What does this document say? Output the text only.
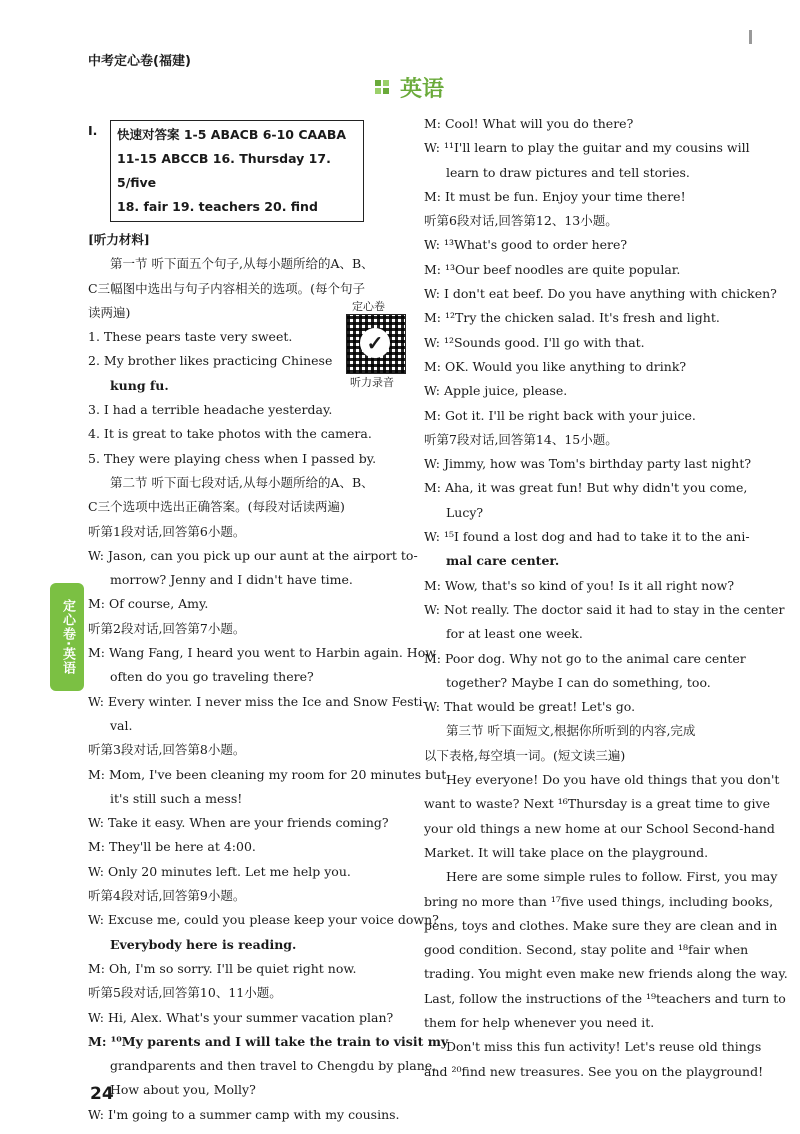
中考定心卷(福建)
英语
定心卷·英语
Ⅰ. 快速对答案 1-5 ABACB 6-10 CAABA
11-15 ABCCB 16. Thursday 17. 5/five
18. fair 19. teachers 20. find
[听力材料]
第一节 听下面五个句子,从每小题所给的A、B、
C三幅图中选出与句子内容相关的选项。(每个句子
读两遍)
1. These pears taste very sweet.
2. My brother likes practicing Chinese
kung fu.
3. I had a terrible headache yesterday.
4. It is great to take photos with the camera.
5. They were playing chess when I passed by.
第二节 听下面七段对话,从每小题所给的A、B、
C三个选项中选出正确答案。(每段对话读两遍)
听第1段对话,回答第6小题。
W: Jason, can you pick up our aunt at the airport to-
morrow? Jenny and I didn't have time.
M: Of course, Amy.
听第2段对话,回答第7小题。
M: Wang Fang, I heard you went to Harbin again. How
often do you go traveling there?
W: Every winter. I never miss the Ice and Snow Festi-
val.
听第3段对话,回答第8小题。
M: Mom, I've been cleaning my room for 20 minutes but
it's still such a mess!
W: Take it easy. When are your friends coming?
M: They'll be here at 4:00.
W: Only 20 minutes left. Let me help you.
听第4段对话,回答第9小题。
W: Excuse me, could you please keep your voice down?
Everybody here is reading.
M: Oh, I'm so sorry. I'll be quiet right now.
听第5段对话,回答第10、11小题。
W: Hi, Alex. What's your summer vacation plan?
M: ¹⁰My parents and I will take the train to visit my
grandparents and then travel to Chengdu by plane.
How about you, Molly?
W: I'm going to a summer camp with my cousins.
定心卷
✓
听力录音
M: Cool! What will you do there?
W: ¹¹I'll learn to play the guitar and my cousins will
learn to draw pictures and tell stories.
M: It must be fun. Enjoy your time there!
听第6段对话,回答第12、13小题。
W: ¹³What's good to order here?
M: ¹³Our beef noodles are quite popular.
W: I don't eat beef. Do you have anything with chicken?
M: ¹²Try the chicken salad. It's fresh and light.
W: ¹²Sounds good. I'll go with that.
M: OK. Would you like anything to drink?
W: Apple juice, please.
M: Got it. I'll be right back with your juice.
听第7段对话,回答第14、15小题。
W: Jimmy, how was Tom's birthday party last night?
M: Aha, it was great fun! But why didn't you come,
Lucy?
W: ¹⁵I found a lost dog and had to take it to the ani-
mal care center.
M: Wow, that's so kind of you! Is it all right now?
W: Not really. The doctor said it had to stay in the center
for at least one week.
M: Poor dog. Why not go to the animal care center
together? Maybe I can do something, too.
W: That would be great! Let's go.
第三节 听下面短文,根据你所听到的内容,完成
以下表格,每空填一词。(短文读三遍)
Hey everyone! Do you have old things that you don't
want to waste? Next ¹⁶Thursday is a great time to give
your old things a new home at our School Second-hand
Market. It will take place on the playground.
Here are some simple rules to follow. First, you may
bring no more than ¹⁷five used things, including books,
pens, toys and clothes. Make sure they are clean and in
good condition. Second, stay polite and ¹⁸fair when
trading. You might even make new friends along the way.
Last, follow the instructions of the ¹⁹teachers and turn to
them for help whenever you need it.
Don't miss this fun activity! Let's reuse old things
and ²⁰find new treasures. See you on the playground!
24
